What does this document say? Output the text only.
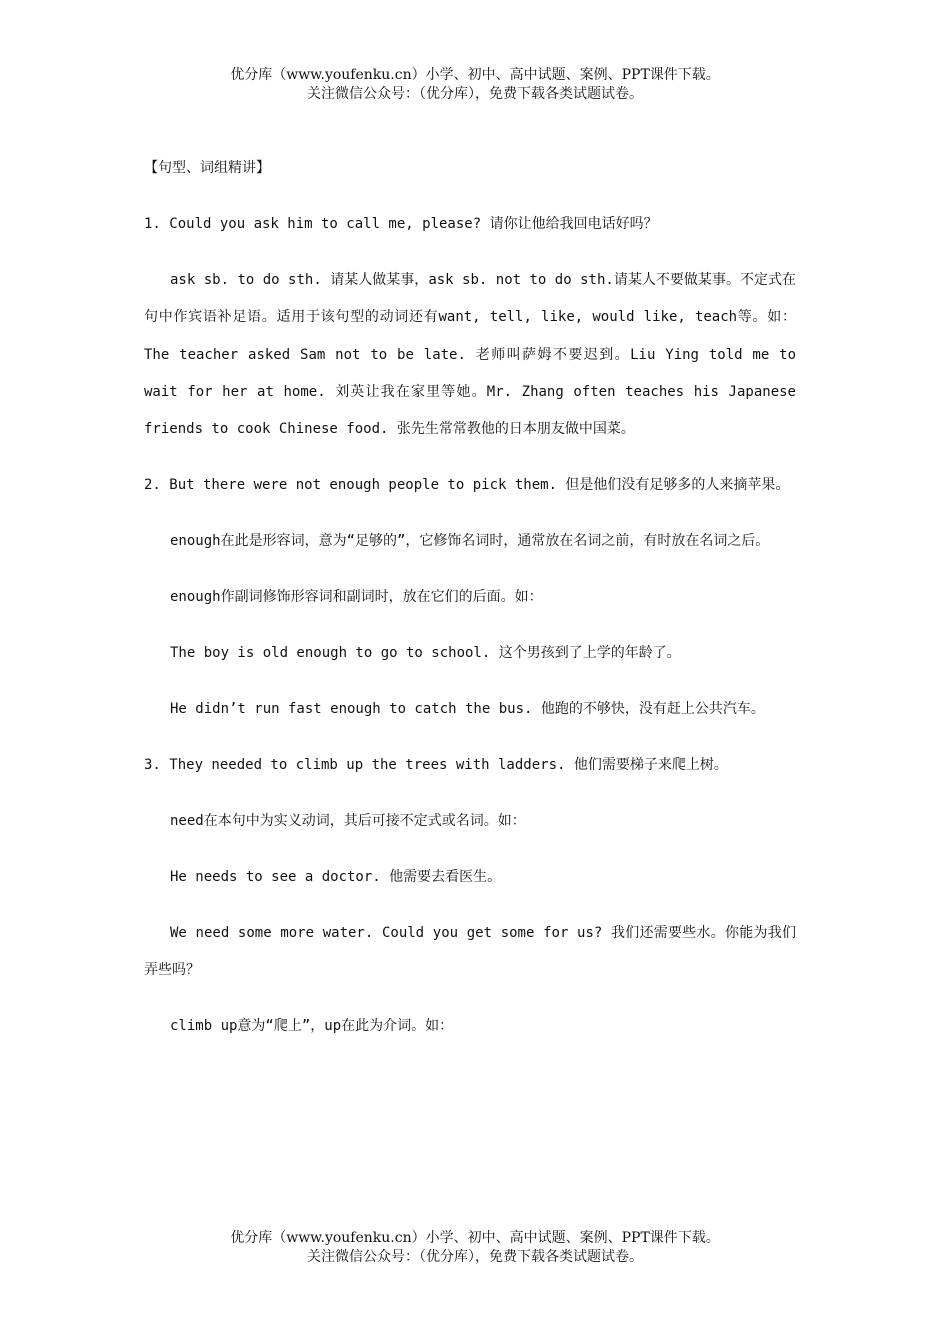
优分库（www.youfenku.cn）小学、初中、高中试题、案例、PPT课件下载。
关注微信公众号：（优分库），免费下载各类试题试卷。

【句型、词组精讲】

1. Could you ask him to call me, please? 请你让他给我回电话好吗？

ask sb. to do sth. 请某人做某事，ask sb. not to do sth.请某人不要做某事。不定式在句中作宾语补足语。适用于该句型的动词还有want, tell, like, would like, teach等。如：The teacher asked Sam not to be late. 老师叫萨姆不要迟到。Liu Ying told me to wait for her at home. 刘英让我在家里等她。Mr. Zhang often teaches his Japanese friends to cook Chinese food. 张先生常常教他的日本朋友做中国菜。

2. But there were not enough people to pick them. 但是他们没有足够多的人来摘苹果。

enough在此是形容词，意为“足够的”，它修饰名词时，通常放在名词之前，有时放在名词之后。

enough作副词修饰形容词和副词时，放在它们的后面。如：

The boy is old enough to go to school. 这个男孩到了上学的年龄了。

He didn’t run fast enough to catch the bus. 他跑的不够快，没有赶上公共汽车。

3. They needed to climb up the trees with ladders. 他们需要梯子来爬上树。

need在本句中为实义动词，其后可接不定式或名词。如：

He needs to see a doctor. 他需要去看医生。

We need some more water. Could you get some for us? 我们还需要些水。你能为我们弄些吗？

climb up意为“爬上”，up在此为介词。如：

优分库（www.youfenku.cn）小学、初中、高中试题、案例、PPT课件下载。
关注微信公众号：（优分库），免费下载各类试题试卷。
